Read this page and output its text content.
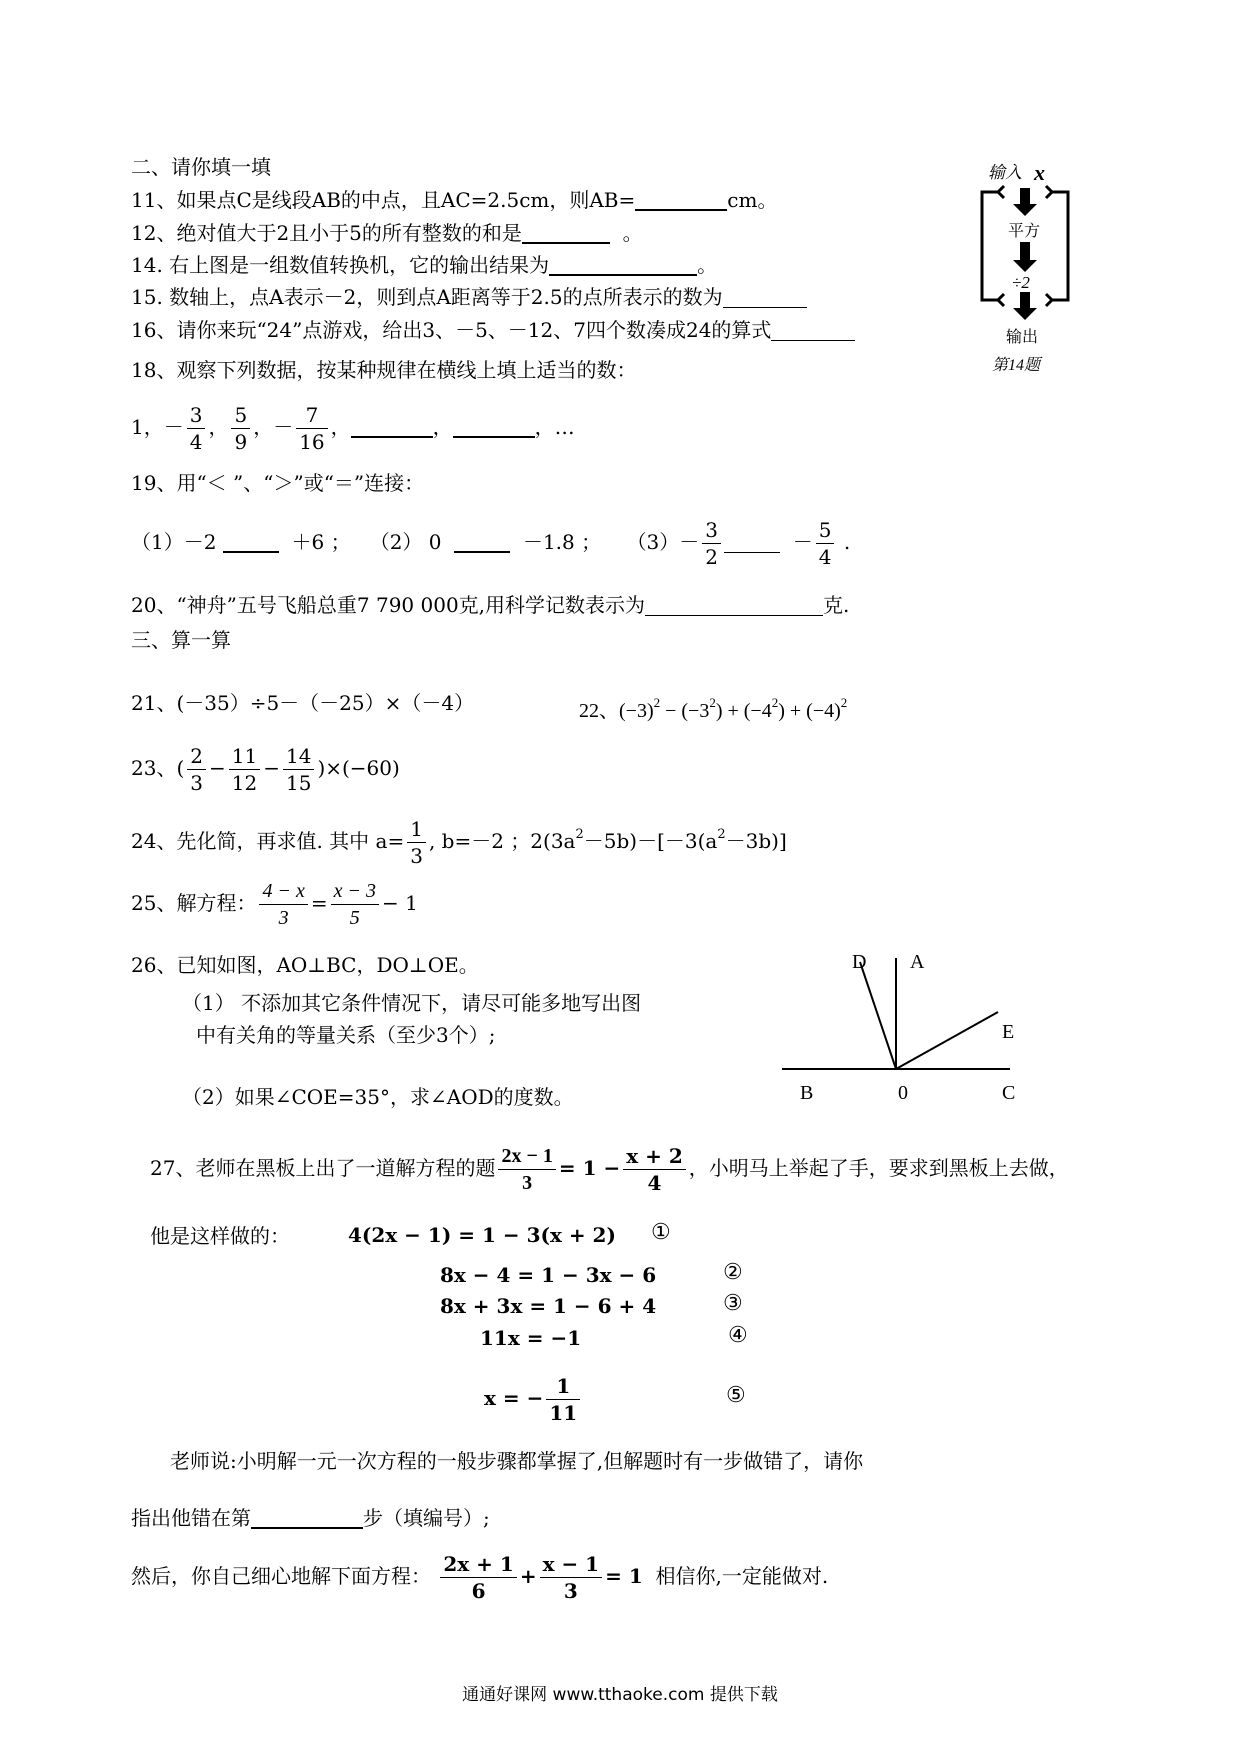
二、请你填一填
11、如果点C是线段AB的中点，且AC=2.5cm，则AB=	cm。
12、绝对值大于2且小于5的所有整数的和是	。
14. 右上图是一组数值转换机，它的输出结果为	。
15. 数轴上，点A表示－2，则到点A距离等于2.5的点所表示的数为
16、请你来玩“24”点游戏，给出3、－5、－12、7四个数凑成24的算式
18、观察下列数据，按某种规律在横线上填上适当的数：
1，－ $\frac{3}{4}$ ， $\frac{5}{9}$ ，－ $\frac{7}{16}$ ，	，	，…
19、用“＜ ”、“＞”或“＝”连接：
（1）－2	＋6 ； （2） 0	－1.8 ； $(3)- \frac{3}{2}$	－ $\frac{5}{4}$ .
20、“神舟”五号飞船总重7 790 000克,用科学记数表示为	克.
三、算一算
21、(－35）÷5－（－25）×（－4）	22、$(-3)^2 - (-3^2) + (-4^2) + (-4)^2$
23、( $\frac{2}{3} - \frac{11}{12} - \frac{14}{15} )\times(-60)$
24、先化简，再求值. 其中 $a= \frac{1}{3}$ , b=－2 ；$2(3a^2-5b)-[-3(a^2-3b)]$
25、解方程： $\frac{4 - x}{3} = \frac{x - 3}{5} - 1$
26、已知如图，AO⊥BC，DO⊥OE。
（1） 不添加其它条件情况下，请尽可能多地写出图
中有关角的等量关系（至少3个）;
（2）如果∠COE=35°，求∠AOD的度数。
D A
E
B	0	C
27、老师在黑板上出了一道解方程的题 $\frac{2x - 1}{3} = 1 - \frac{x + 2}{4}$ ，小明马上举起了手，要求到黑板上去做，
他是这样做的：	4(2x − 1) = 1 − 3(x + 2) ①
8x − 4 = 1 − 3x − 6	②
8x + 3x = 1 − 6 + 4	③
11x = −1	④
x = − $\frac{1}{11}$	⑤
老师说:小明解一元一次方程的一般步骤都掌握了,但解题时有一步做错了，请你
指出他错在第	步（填编号）;
然后，你自己细心地解下面方程： $\frac{2x + 1}{6} + \frac{x - 1}{3} = 1$ 相信你,一定能做对.
输入 x
平方
÷2
输出
第14题
通通好课网 www.tthaoke.com 提供下载
